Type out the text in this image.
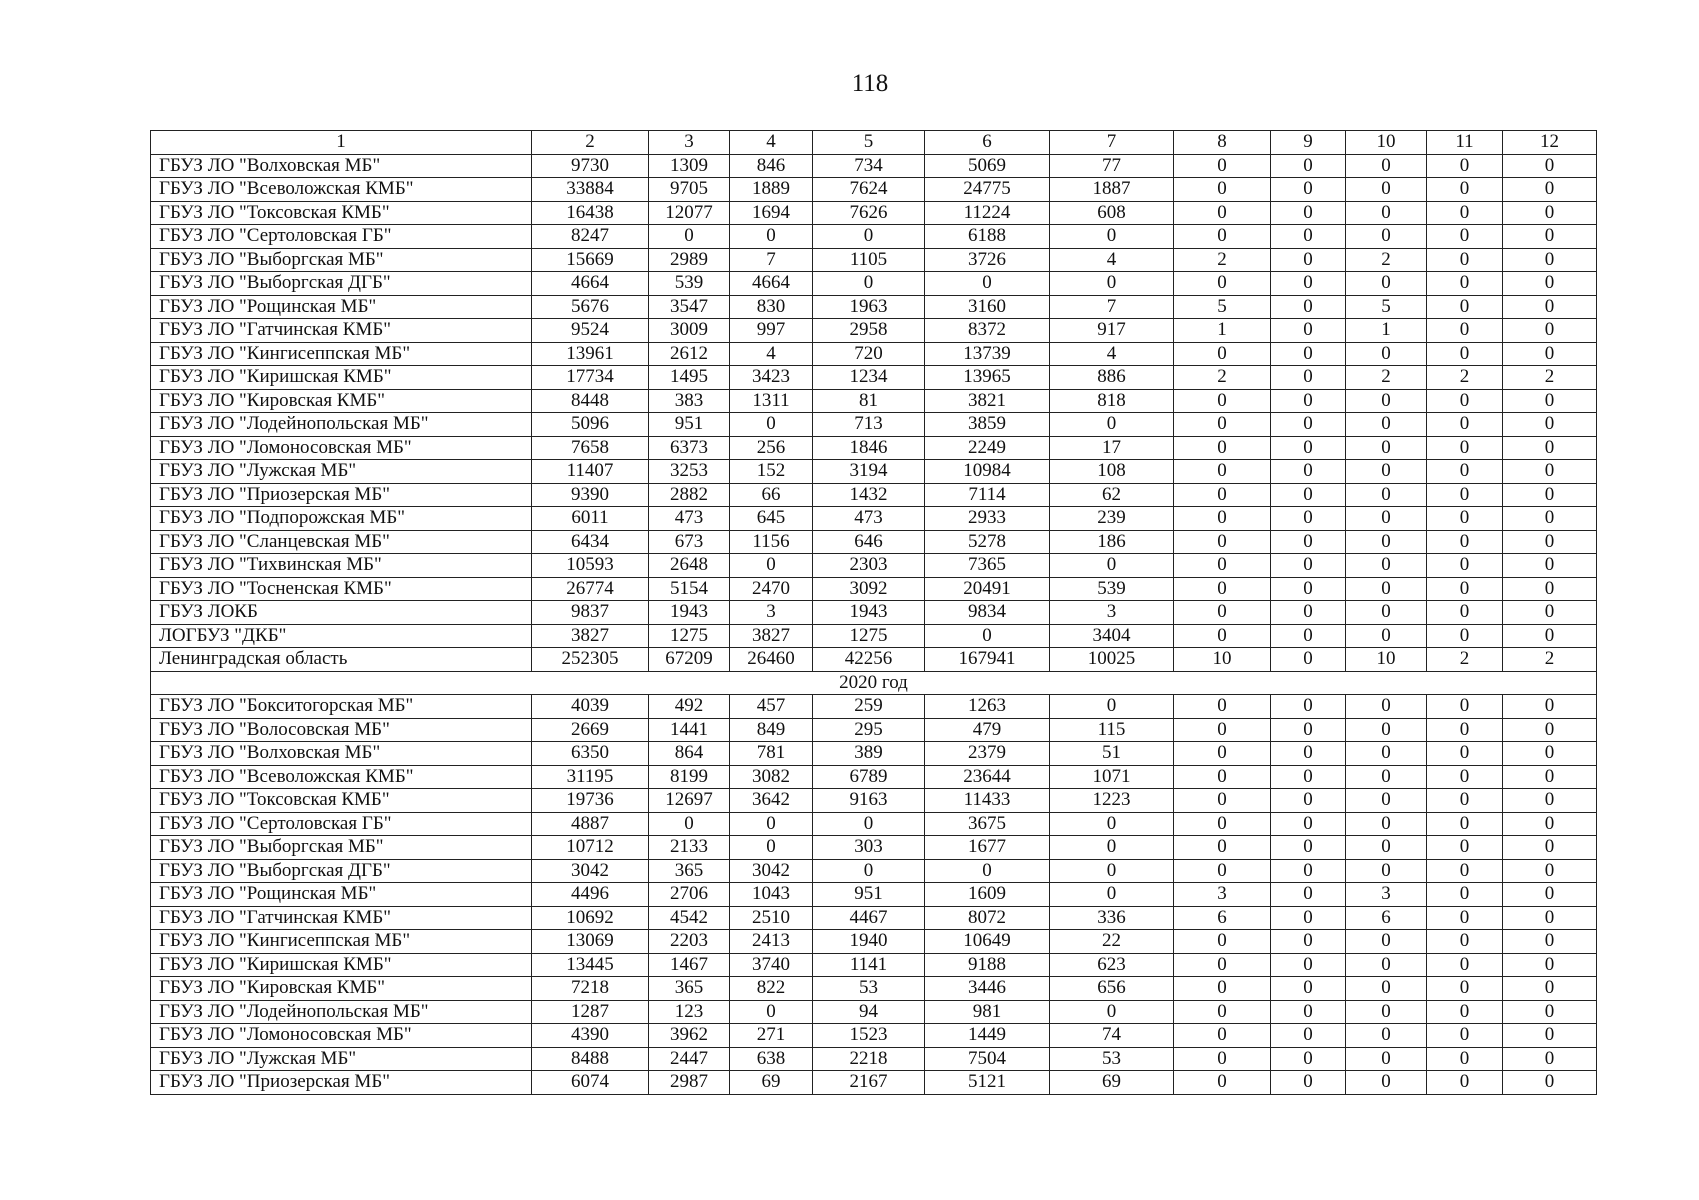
118
1	2	3	4	5	6	7	8	9	10	11	12
ГБУЗ ЛО "Волховская МБ"	9730	1309	846	734	5069	77	0	0	0	0	0
ГБУЗ ЛО "Всеволожская КМБ"	33884	9705	1889	7624	24775	1887	0	0	0	0	0
ГБУЗ ЛО "Токсовская КМБ"	16438	12077	1694	7626	11224	608	0	0	0	0	0
ГБУЗ ЛО "Сертоловская ГБ"	8247	0	0	0	6188	0	0	0	0	0	0
ГБУЗ ЛО "Выборгская МБ"	15669	2989	7	1105	3726	4	2	0	2	0	0
ГБУЗ ЛО "Выборгская ДГБ"	4664	539	4664	0	0	0	0	0	0	0	0
ГБУЗ ЛО "Рощинская МБ"	5676	3547	830	1963	3160	7	5	0	5	0	0
ГБУЗ ЛО "Гатчинская КМБ"	9524	3009	997	2958	8372	917	1	0	1	0	0
ГБУЗ ЛО "Кингисеппская МБ"	13961	2612	4	720	13739	4	0	0	0	0	0
ГБУЗ ЛО "Киришская КМБ"	17734	1495	3423	1234	13965	886	2	0	2	2	2
ГБУЗ ЛО "Кировская КМБ"	8448	383	1311	81	3821	818	0	0	0	0	0
ГБУЗ ЛО "Лодейнопольская МБ"	5096	951	0	713	3859	0	0	0	0	0	0
ГБУЗ ЛО "Ломоносовская МБ"	7658	6373	256	1846	2249	17	0	0	0	0	0
ГБУЗ ЛО "Лужская МБ"	11407	3253	152	3194	10984	108	0	0	0	0	0
ГБУЗ ЛО "Приозерская МБ"	9390	2882	66	1432	7114	62	0	0	0	0	0
ГБУЗ ЛО "Подпорожская МБ"	6011	473	645	473	2933	239	0	0	0	0	0
ГБУЗ ЛО "Сланцевская МБ"	6434	673	1156	646	5278	186	0	0	0	0	0
ГБУЗ ЛО "Тихвинская МБ"	10593	2648	0	2303	7365	0	0	0	0	0	0
ГБУЗ ЛО "Тосненская КМБ"	26774	5154	2470	3092	20491	539	0	0	0	0	0
ГБУЗ ЛОКБ	9837	1943	3	1943	9834	3	0	0	0	0	0
ЛОГБУЗ "ДКБ"	3827	1275	3827	1275	0	3404	0	0	0	0	0
Ленинградская область	252305	67209	26460	42256	167941	10025	10	0	10	2	2
2020 год											
ГБУЗ ЛО "Бокситогорская МБ"	4039	492	457	259	1263	0	0	0	0	0	0
ГБУЗ ЛО "Волосовская МБ"	2669	1441	849	295	479	115	0	0	0	0	0
ГБУЗ ЛО "Волховская МБ"	6350	864	781	389	2379	51	0	0	0	0	0
ГБУЗ ЛО "Всеволожская КМБ"	31195	8199	3082	6789	23644	1071	0	0	0	0	0
ГБУЗ ЛО "Токсовская КМБ"	19736	12697	3642	9163	11433	1223	0	0	0	0	0
ГБУЗ ЛО "Сертоловская ГБ"	4887	0	0	0	3675	0	0	0	0	0	0
ГБУЗ ЛО "Выборгская МБ"	10712	2133	0	303	1677	0	0	0	0	0	0
ГБУЗ ЛО "Выборгская ДГБ"	3042	365	3042	0	0	0	0	0	0	0	0
ГБУЗ ЛО "Рощинская МБ"	4496	2706	1043	951	1609	0	3	0	3	0	0
ГБУЗ ЛО "Гатчинская КМБ"	10692	4542	2510	4467	8072	336	6	0	6	0	0
ГБУЗ ЛО "Кингисеппская МБ"	13069	2203	2413	1940	10649	22	0	0	0	0	0
ГБУЗ ЛО "Киришская КМБ"	13445	1467	3740	1141	9188	623	0	0	0	0	0
ГБУЗ ЛО "Кировская КМБ"	7218	365	822	53	3446	656	0	0	0	0	0
ГБУЗ ЛО "Лодейнопольская МБ"	1287	123	0	94	981	0	0	0	0	0	0
ГБУЗ ЛО "Ломоносовская МБ"	4390	3962	271	1523	1449	74	0	0	0	0	0
ГБУЗ ЛО "Лужская МБ"	8488	2447	638	2218	7504	53	0	0	0	0	0
ГБУЗ ЛО "Приозерская МБ"	6074	2987	69	2167	5121	69	0	0	0	0	0
